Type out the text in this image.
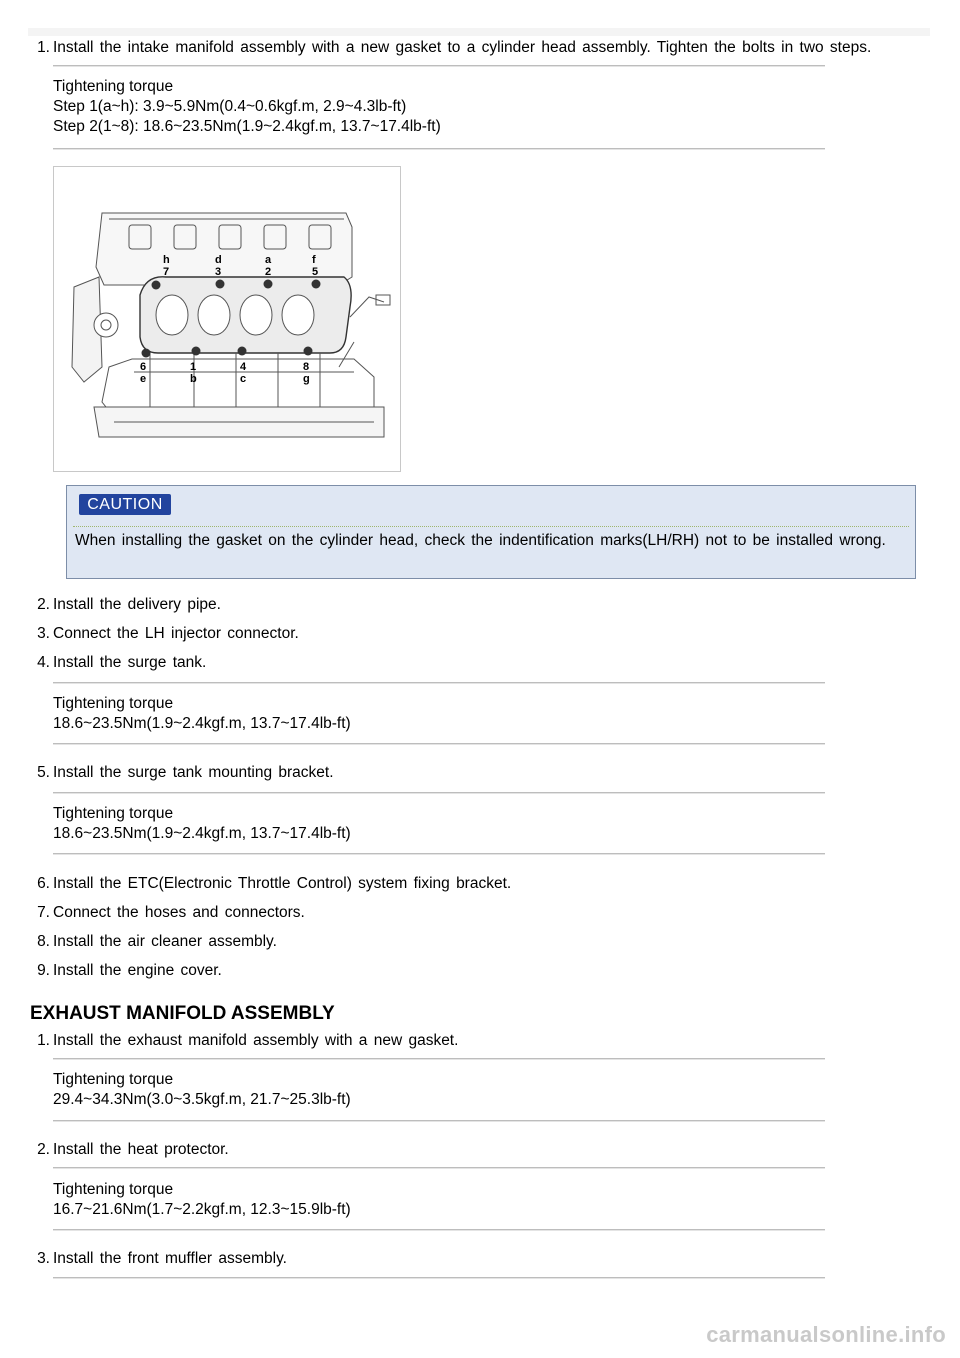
1. Install the intake manifold assembly with a new gasket to a cylinder head assembly. Tighten the bolts in two steps.
Tightening torque
Step 1(a~h): 3.9~5.9Nm(0.4~0.6kgf.m, 2.9~4.3lb-ft)
Step 2(1~8): 18.6~23.5Nm(1.9~2.4kgf.m, 13.7~17.4lb-ft)
h	d	a	f
7	3	2	5
6	1	4	8
e	b	c	g
CAUTION
When installing the gasket on the cylinder head, check the indentification marks(LH/RH) not to be installed wrong.
2. Install the delivery pipe.
3. Connect the LH injector connector.
4. Install the surge tank.
Tightening torque
18.6~23.5Nm(1.9~2.4kgf.m, 13.7~17.4lb-ft)
5. Install the surge tank mounting bracket.
Tightening torque
18.6~23.5Nm(1.9~2.4kgf.m, 13.7~17.4lb-ft)
6. Install the ETC(Electronic Throttle Control) system fixing bracket.
7. Connect the hoses and connectors.
8. Install the air cleaner assembly.
9. Install the engine cover.
EXHAUST MANIFOLD ASSEMBLY
1. Install the exhaust manifold assembly with a new gasket.
Tightening torque
29.4~34.3Nm(3.0~3.5kgf.m, 21.7~25.3lb-ft)
2. Install the heat protector.
Tightening torque
16.7~21.6Nm(1.7~2.2kgf.m, 12.3~15.9lb-ft)
3. Install the front muffler assembly.
carmanualsonline.info
